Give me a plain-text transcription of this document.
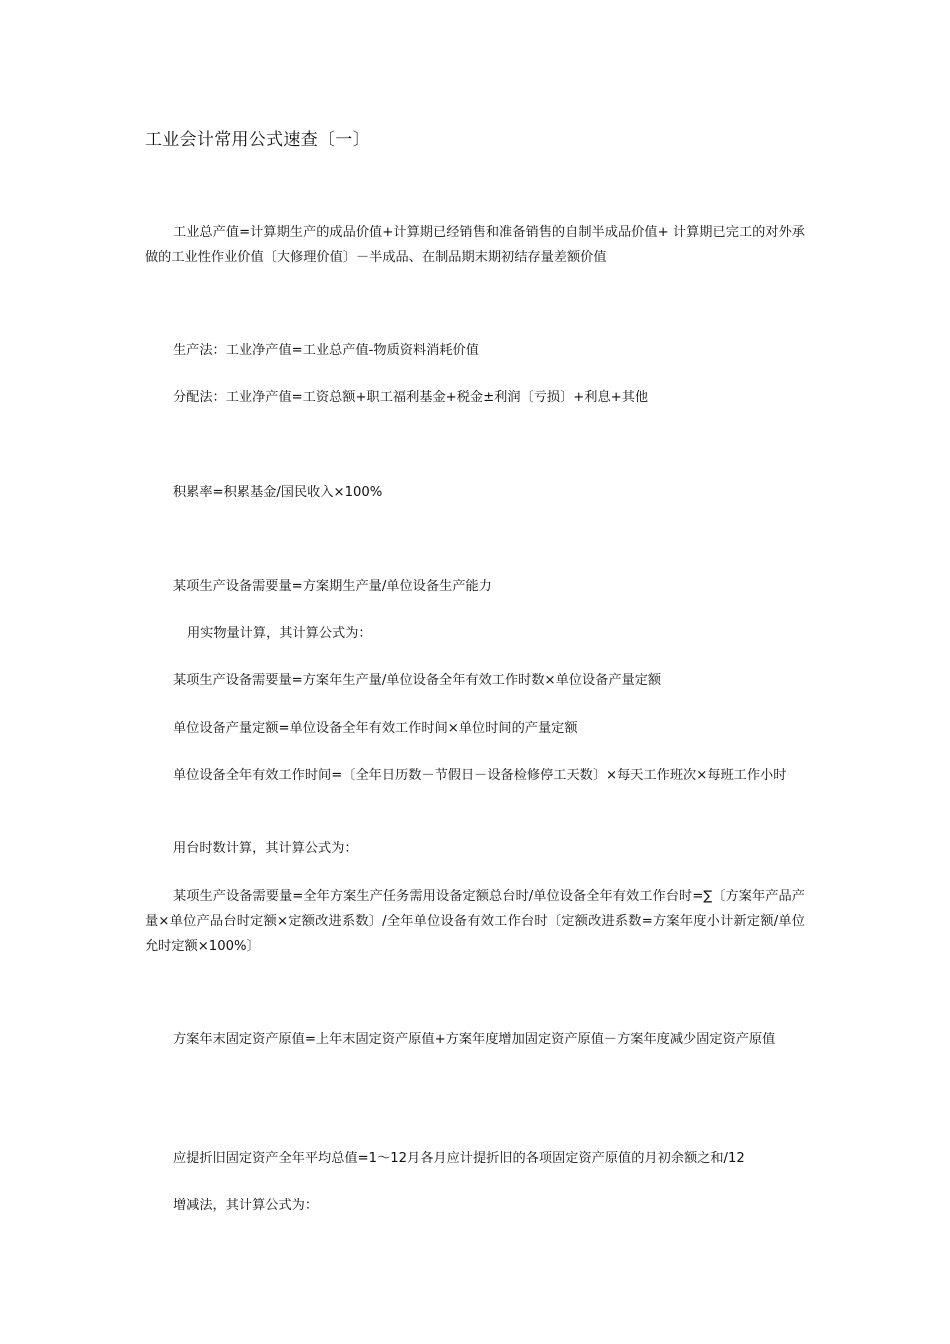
工业会计常用公式速查〔一〕

工业总产值=计算期生产的成品价值+计算期已经销售和准备销售的自制半成品价值+ 计算期已完工的对外承做的工业性作业价值〔大修理价值〕－半成品、在制品期末期初结存量差额价值

生产法：工业净产值=工业总产值-物质资料消耗价值

分配法：工业净产值=工资总额+职工福利基金+税金±利润〔亏损〕+利息+其他

积累率=积累基金/国民收入×100%

某项生产设备需要量=方案期生产量/单位设备生产能力

用实物量计算，其计算公式为：

某项生产设备需要量=方案年生产量/单位设备全年有效工作时数×单位设备产量定额

单位设备产量定额=单位设备全年有效工作时间×单位时间的产量定额

单位设备全年有效工作时间=〔全年日历数－节假日－设备检修停工天数〕×每天工作班次×每班工作小时

用台时数计算，其计算公式为：

某项生产设备需要量=全年方案生产任务需用设备定额总台时/单位设备全年有效工作台时=∑〔方案年产品产量×单位产品台时定额×定额改进系数〕/全年单位设备有效工作台时〔定额改进系数=方案年度小计新定额/单位允时定额×100%〕

方案年末固定资产原值=上年末固定资产原值+方案年度增加固定资产原值－方案年度减少固定资产原值

应提折旧固定资产全年平均总值=1～12月各月应计提折旧的各项固定资产原值的月初余额之和/12

增减法，其计算公式为：
